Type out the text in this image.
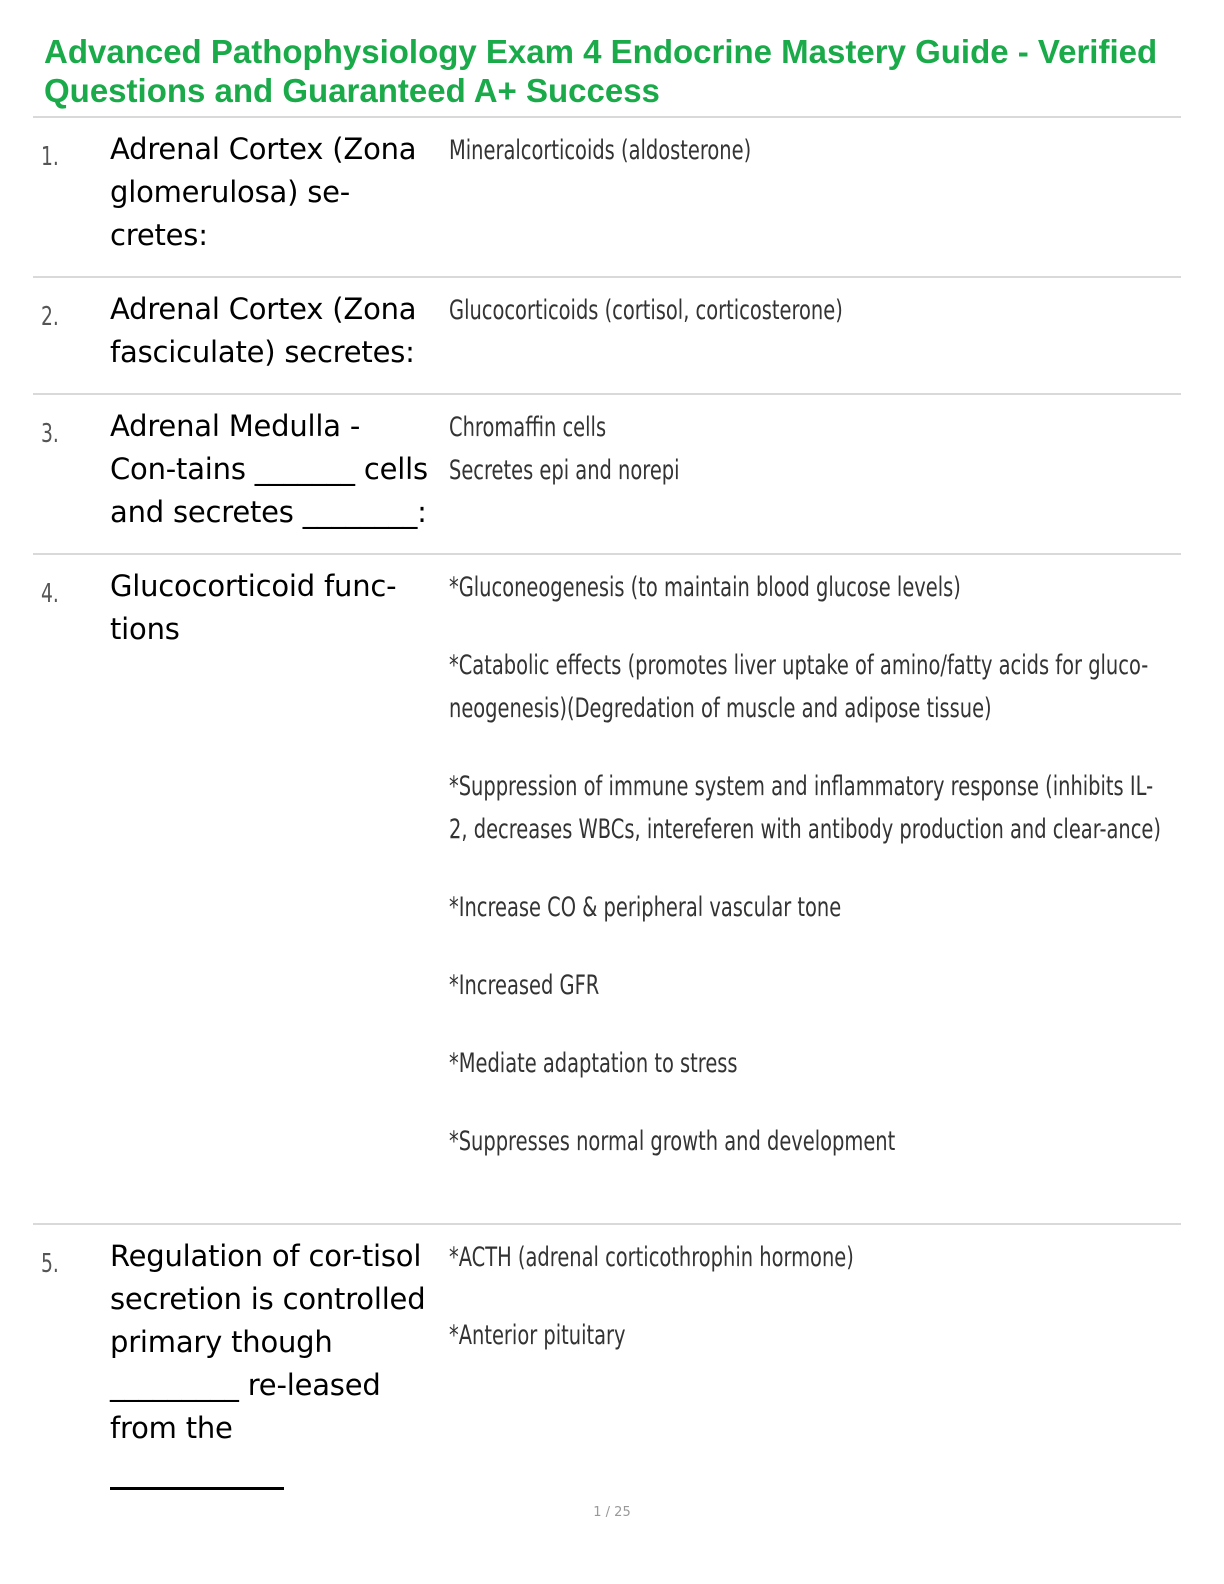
Advanced Pathophysiology Exam 4 Endocrine Mastery Guide - Verified Questions and Guaranteed A+ Success
1. Adrenal Cortex (Zona glomerulosa) se-cretes:

Mineralcorticoids (aldosterone)

2. Adrenal Cortex (Zona fasciculate) secretes:

Glucocorticoids (cortisol, corticosterone)

3. Adrenal Medulla - Con-tains _______ cells and secretes ________:

Chromaffin cells
Secretes epi and norepi

4. Glucocorticoid func-tions

*Gluconeogenesis (to maintain blood glucose levels)

*Catabolic effects (promotes liver uptake of amino/fatty acids for gluco-neogenesis)(Degredation of muscle and adipose tissue)

*Suppression of immune system and inflammatory response (inhibits IL-2, decreases WBCs, intereferen with antibody production and clear-ance)

*Increase CO & peripheral vascular tone

*Increased GFR

*Mediate adaptation to stress

*Suppresses normal growth and development

5. Regulation of cor-tisol secretion is controlled primary though _________ re-leased from the

*ACTH (adrenal corticothrophin hormone)

*Anterior pituitary

1 / 25
